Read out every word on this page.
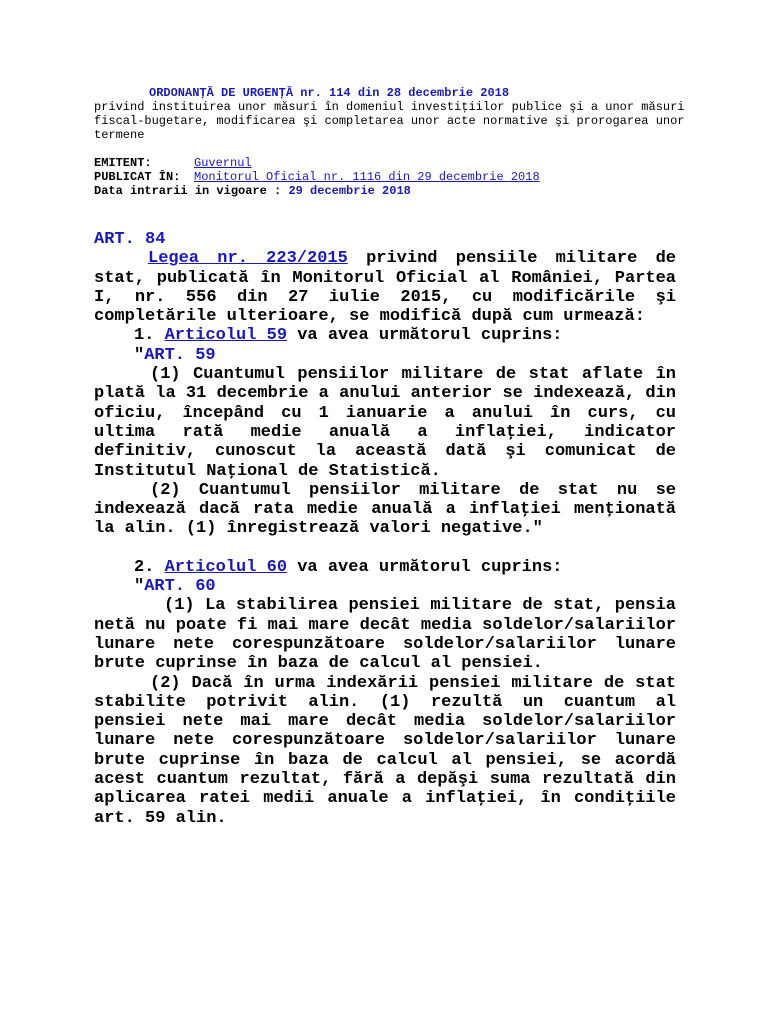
ORDONANŢĂ DE URGENŢĂ nr. 114 din 28 decembrie 2018

privind instituirea unor măsuri în domeniul investiţiilor publice şi a unor măsuri fiscal-bugetare, modificarea şi completarea unor acte normative şi prorogarea unor termene

EMITENT:	Guvernul
PUBLICAT ÎN:	Monitorul Oficial nr. 1116 din 29 decembrie 2018
Data intrarii in vigoare :
29 decembrie 2018
ART. 84

Legea nr. 223/2015 privind pensiile militare de stat, publicată în Monitorul Oficial al României, Partea I, nr. 556 din 27 iulie 2015, cu modificările şi completările ulterioare, se modifică după cum urmează:

1. Articolul 59 va avea următorul cuprins:
"ART. 59

(1) Cuantumul pensiilor militare de stat aflate în plată la 31 decembrie a anului anterior se indexează, din oficiu, începând cu 1 ianuarie a anului în curs, cu ultima rată medie anuală a inflaţiei, indicator definitiv, cunoscut la această dată şi comunicat de Institutul Naţional de Statistică.

(2) Cuantumul pensiilor militare de stat nu se indexează dacă rata medie anuală a inflaţiei menţionată la alin. (1) înregistrează valori negative."

2. Articolul 60 va avea următorul cuprins:
"ART. 60

(1) La stabilirea pensiei militare de stat, pensia netă nu poate fi mai mare decât media soldelor/salariilor lunare nete corespunzătoare soldelor/salariilor lunare brute cuprinse în baza de calcul al pensiei.

(2) Dacă în urma indexării pensiei militare de stat stabilite potrivit alin. (1) rezultă un cuantum al pensiei nete mai mare decât media soldelor/salariilor lunare nete corespunzătoare soldelor/salariilor lunare brute cuprinse în baza de calcul al pensiei, se acordă acest cuantum rezultat, fără a depăşi suma rezultată din aplicarea ratei medii anuale a inflaţiei, în condiţiile art. 59 alin.
